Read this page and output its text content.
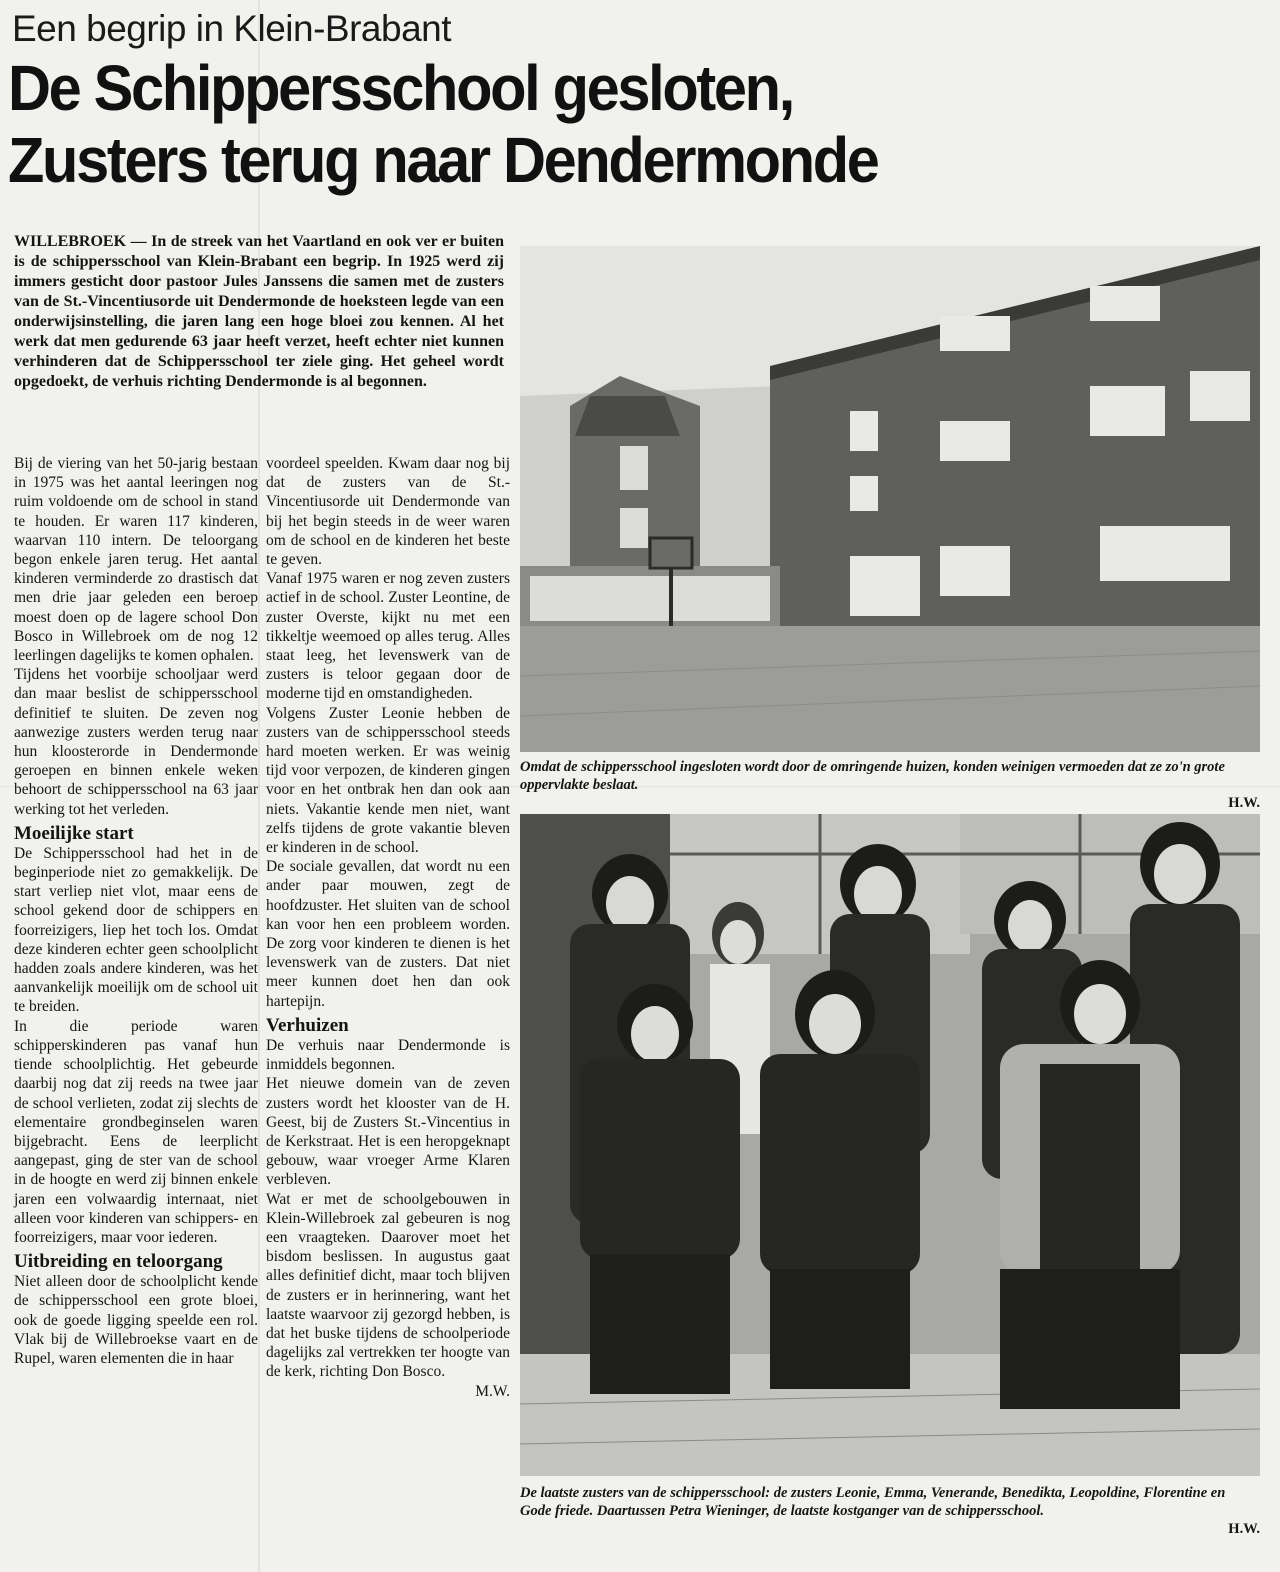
Een begrip in Klein-Brabant
De Schippersschool gesloten,
Zusters terug naar Dendermonde
WILLEBROEK — In de streek van het Vaartland en ook ver er buiten is de schippersschool van Klein-Brabant een begrip. In 1925 werd zij immers gesticht door pastoor Jules Janssens die samen met de zusters van de St.-Vincentiusorde uit Dendermonde de hoeksteen legde van een onderwijsinstelling, die jaren lang een hoge bloei zou kennen. Al het werk dat men gedurende 63 jaar heeft verzet, heeft echter niet kunnen verhinderen dat de Schippersschool ter ziele ging. Het geheel wordt opgedoekt, de verhuis richting Dendermonde is al begonnen.

Bij de viering van het 50-jarig bestaan in 1975 was het aantal leeringen nog ruim voldoende om de school in stand te houden. Er waren 117 kinderen, waarvan 110 intern. De teloorgang begon enkele jaren terug. Het aantal kinderen verminderde zo drastisch dat men drie jaar geleden een beroep moest doen op de lagere school Don Bosco in Willebroek om de nog 12 leerlingen dagelijks te komen ophalen.

Tijdens het voorbije schooljaar werd dan maar beslist de schippersschool definitief te sluiten. De zeven nog aanwezige zusters werden terug naar hun kloosterorde in Dendermonde geroepen en binnen enkele weken behoort de schippersschool na 63 jaar werking tot het verleden.

Moeilijke start

De Schippersschool had het in de beginperiode niet zo gemakkelijk. De start verliep niet vlot, maar eens de school gekend door de schippers en foorreizigers, liep het toch los. Omdat deze kinderen echter geen schoolplicht hadden zoals andere kinderen, was het aanvankelijk moeilijk om de school uit te breiden.

In die periode waren schipperskinderen pas vanaf hun tiende schoolplichtig. Het gebeurde daarbij nog dat zij reeds na twee jaar de school verlieten, zodat zij slechts de elementaire grondbeginselen waren bijgebracht. Eens de leerplicht aangepast, ging de ster van de school in de hoogte en werd zij binnen enkele jaren een volwaardig internaat, niet alleen voor kinderen van schippers- en foorreizigers, maar voor iederen.

Uitbreiding en teloorgang

Niet alleen door de schoolplicht kende de schippersschool een grote bloei, ook de goede ligging speelde een rol. Vlak bij de Willebroekse vaart en de Rupel, waren elementen die in haar

voordeel speelden. Kwam daar nog bij dat de zusters van de St.-Vincentiusorde uit Dendermonde van bij het begin steeds in de weer waren om de school en de kinderen het beste te geven.

Vanaf 1975 waren er nog zeven zusters actief in de school. Zuster Leontine, de zuster Overste, kijkt nu met een tikkeltje weemoed op alles terug. Alles staat leeg, het levenswerk van de zusters is teloor gegaan door de moderne tijd en omstandigheden.

Volgens Zuster Leonie hebben de zusters van de schippersschool steeds hard moeten werken. Er was weinig tijd voor verpozen, de kinderen gingen voor en het ontbrak hen dan ook aan niets. Vakantie kende men niet, want zelfs tijdens de grote vakantie bleven er kinderen in de school.

De sociale gevallen, dat wordt nu een ander paar mouwen, zegt de hoofdzuster. Het sluiten van de school kan voor hen een probleem worden. De zorg voor kinderen te dienen is het levenswerk van de zusters. Dat niet meer kunnen doet hen dan ook hartepijn.

Verhuizen

De verhuis naar Dendermonde is inmiddels begonnen.

Het nieuwe domein van de zeven zusters wordt het klooster van de H. Geest, bij de Zusters St.-Vincentius in de Kerkstraat. Het is een heropgeknapt gebouw, waar vroeger Arme Klaren verbleven.

Wat er met de schoolgebouwen in Klein-Willebroek zal gebeuren is nog een vraagteken. Daarover moet het bisdom beslissen. In augustus gaat alles definitief dicht, maar toch blijven de zusters er in herinnering, want het laatste waarvoor zij gezorgd hebben, is dat het buske tijdens de schoolperiode dagelijks zal vertrekken ter hoogte van de kerk, richting Don Bosco.

M.W.

Omdat de schippersschool ingesloten wordt door de omringende huizen, konden weinigen vermoeden dat ze zo'n grote oppervlakte beslaat.
H.W.
De laatste zusters van de schippersschool: de zusters Leonie, Emma, Venerande, Benedikta, Leopoldine, Florentine en Gode friede. Daartussen Petra Wieninger, de laatste kostganger van de schippersschool.
H.W.
